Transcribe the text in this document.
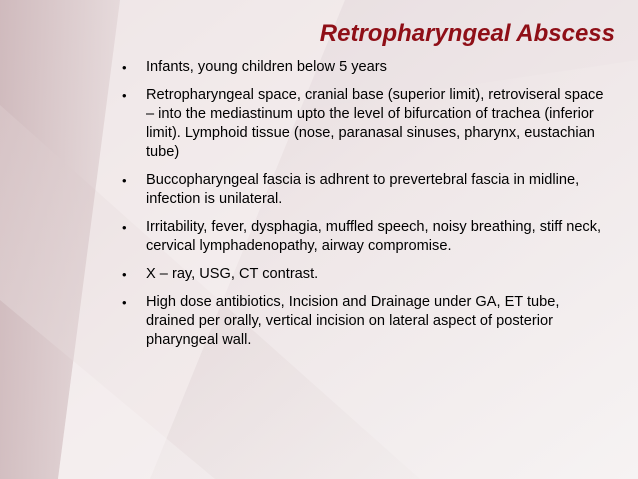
Retropharyngeal Abscess
• Infants, young children below 5 years
• Retropharyngeal space, cranial base (superior limit), retroviseral space – into the mediastinum upto the level of bifurcation of trachea (inferior limit). Lymphoid tissue (nose, paranasal sinuses, pharynx, eustachian tube)
• Buccopharyngeal fascia is adhrent to prevertebral fascia in midline, infection is unilateral.
• Irritability, fever, dysphagia, muffled speech, noisy breathing, stiff neck, cervical lymphadenopathy, airway compromise.
• X – ray, USG, CT contrast.
• High dose antibiotics, Incision and Drainage under GA, ET tube, drained per orally, vertical incision on lateral aspect of posterior pharyngeal wall.
